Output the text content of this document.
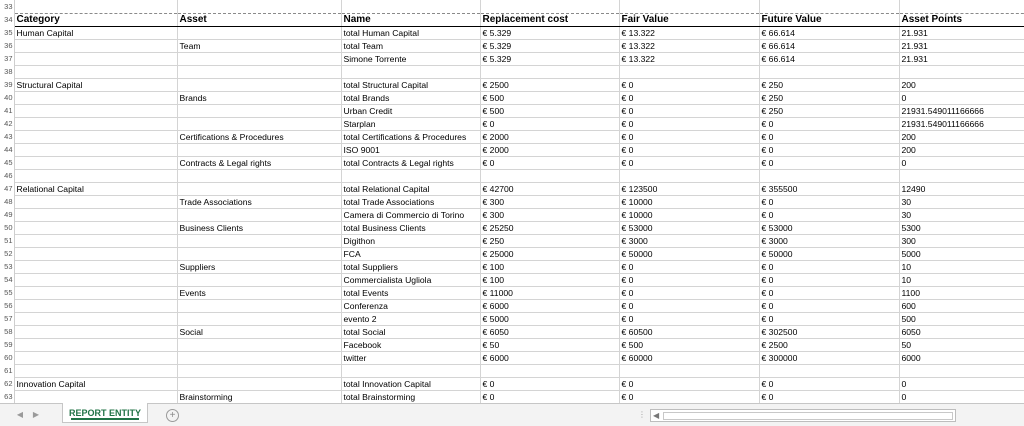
33							
34	Category	Asset	Name	Replacement cost	Fair Value	Future Value	Asset Points
35	Human Capital		total Human Capital	€ 5.329	€ 13.322	€ 66.614	21.931
36		Team	total Team	€ 5.329	€ 13.322	€ 66.614	21.931
37			Simone Torrente	€ 5.329	€ 13.322	€ 66.614	21.931
38							
39	Structural Capital		total Structural Capital	€ 2500	€ 0	€ 250	200
40		Brands	total Brands	€ 500	€ 0	€ 250	0
41			Urban Credit	€ 500	€ 0	€ 250	21931.549011166666
42			Starplan	€ 0	€ 0	€ 0	21931.549011166666
43		Certifications & Procedures	total Certifications & Procedures	€ 2000	€ 0	€ 0	200
44			ISO 9001	€ 2000	€ 0	€ 0	200
45		Contracts & Legal rights	total Contracts & Legal rights	€ 0	€ 0	€ 0	0
46							
47	Relational Capital		total Relational Capital	€ 42700	€ 123500	€ 355500	12490
48		Trade Associations	total Trade Associations	€ 300	€ 10000	€ 0	30
49			Camera di Commercio di Torino	€ 300	€ 10000	€ 0	30
50		Business Clients	total Business Clients	€ 25250	€ 53000	€ 53000	5300
51			Digithon	€ 250	€ 3000	€ 3000	300
52			FCA	€ 25000	€ 50000	€ 50000	5000
53		Suppliers	total Suppliers	€ 100	€ 0	€ 0	10
54			Commercialista Ugliola	€ 100	€ 0	€ 0	10
55		Events	total Events	€ 11000	€ 0	€ 0	1100
56			Conferenza	€ 6000	€ 0	€ 0	600
57			evento 2	€ 5000	€ 0	€ 0	500
58		Social	total Social	€ 6050	€ 60500	€ 302500	6050
59			Facebook	€ 50	€ 500	€ 2500	50
60			twitter	€ 6000	€ 60000	€ 300000	6000
61							
62	Innovation Capital		total Innovation Capital	€ 0	€ 0	€ 0	0
63		Brainstorming	total Brainstorming	€ 0	€ 0	€ 0	0
◀	▶	REPORT ENTITY	+	⋮ ◀
